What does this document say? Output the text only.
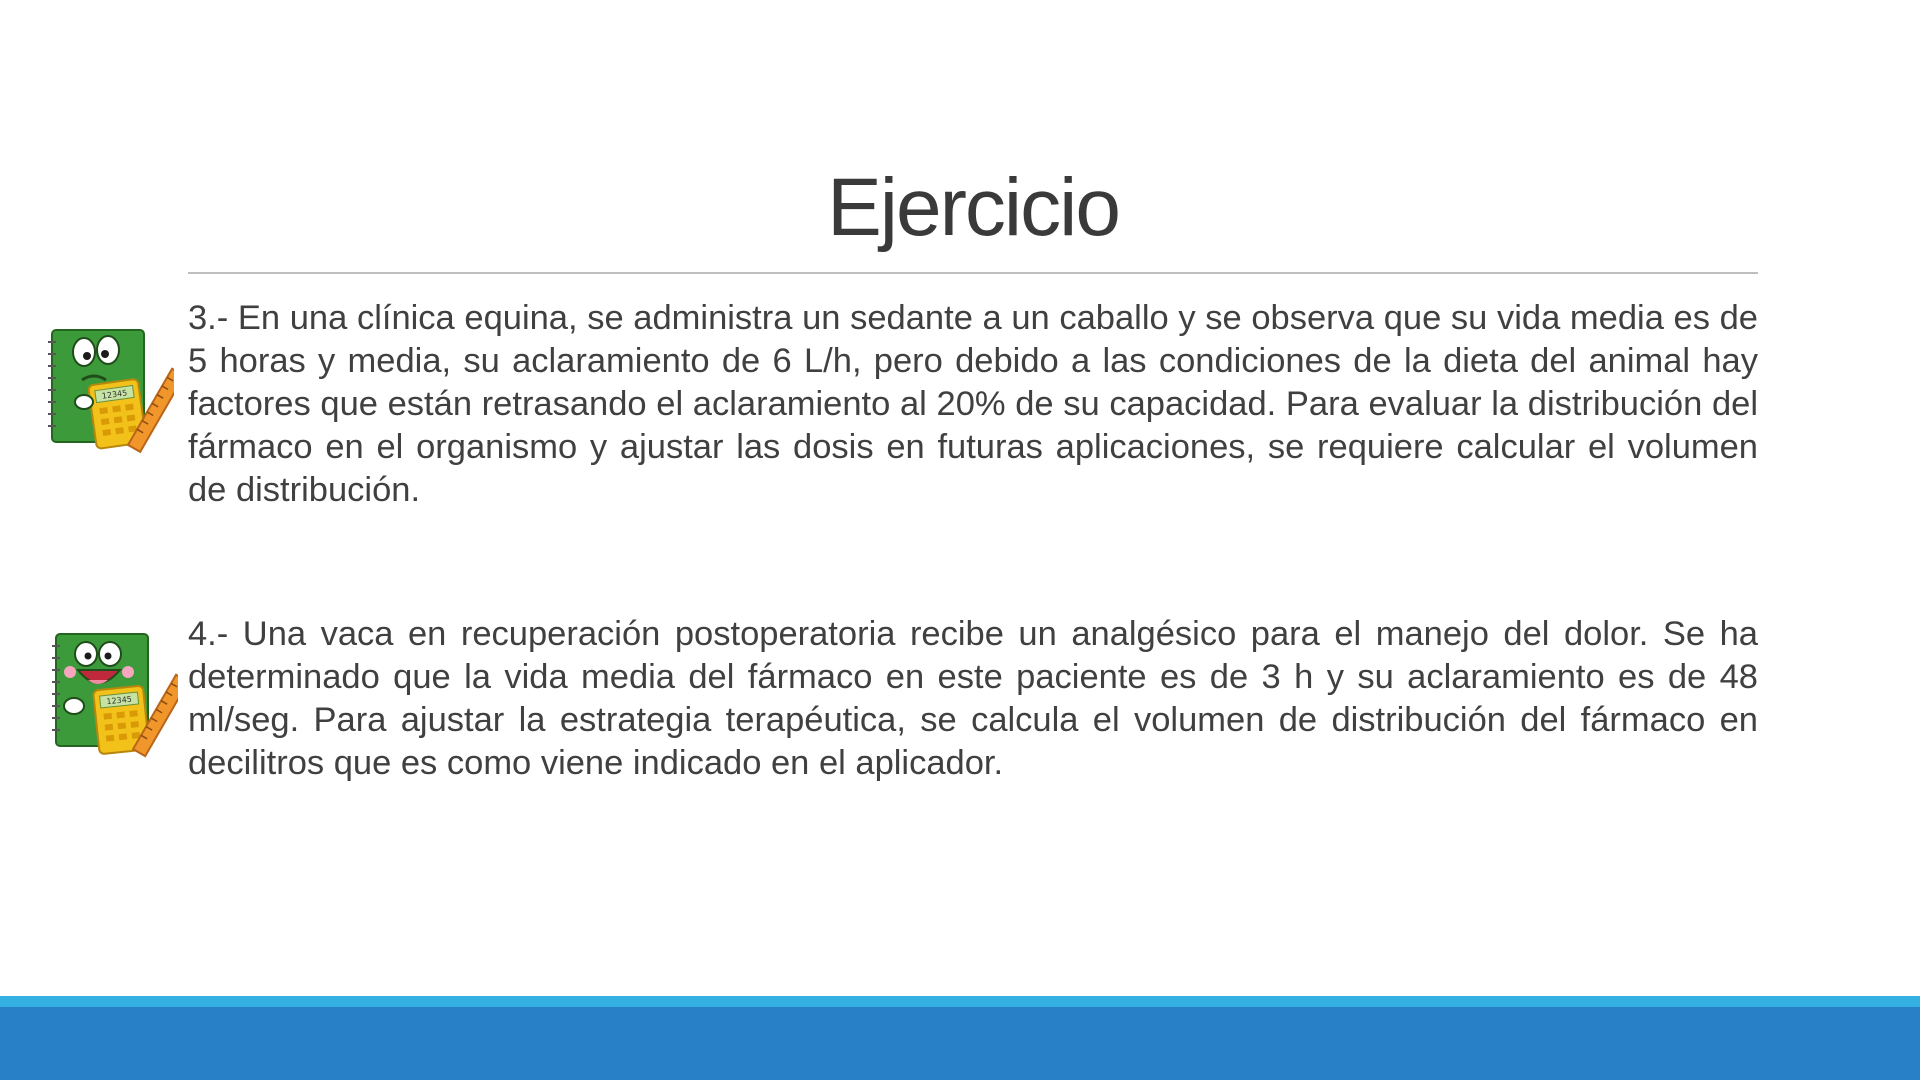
Ejercicio
12345

3.- En una clínica equina, se administra un sedante a un caballo y se observa que su vida media es de 5 horas y media, su aclaramiento de 6 L/h, pero debido a las condiciones de la dieta del animal hay factores que están retrasando el aclaramiento al 20% de su capacidad. Para evaluar la distribución del fármaco en el organismo y ajustar las dosis en futuras aplicaciones, se requiere calcular el volumen de distribución.

12345

4.- Una vaca en recuperación postoperatoria recibe un analgésico para el manejo del dolor. Se ha determinado que la vida media del fármaco en este paciente es de 3 h y su aclaramiento es de 48 ml/seg. Para ajustar la estrategia terapéutica, se calcula el volumen de distribución del fármaco en decilitros que es como viene indicado en el aplicador.
